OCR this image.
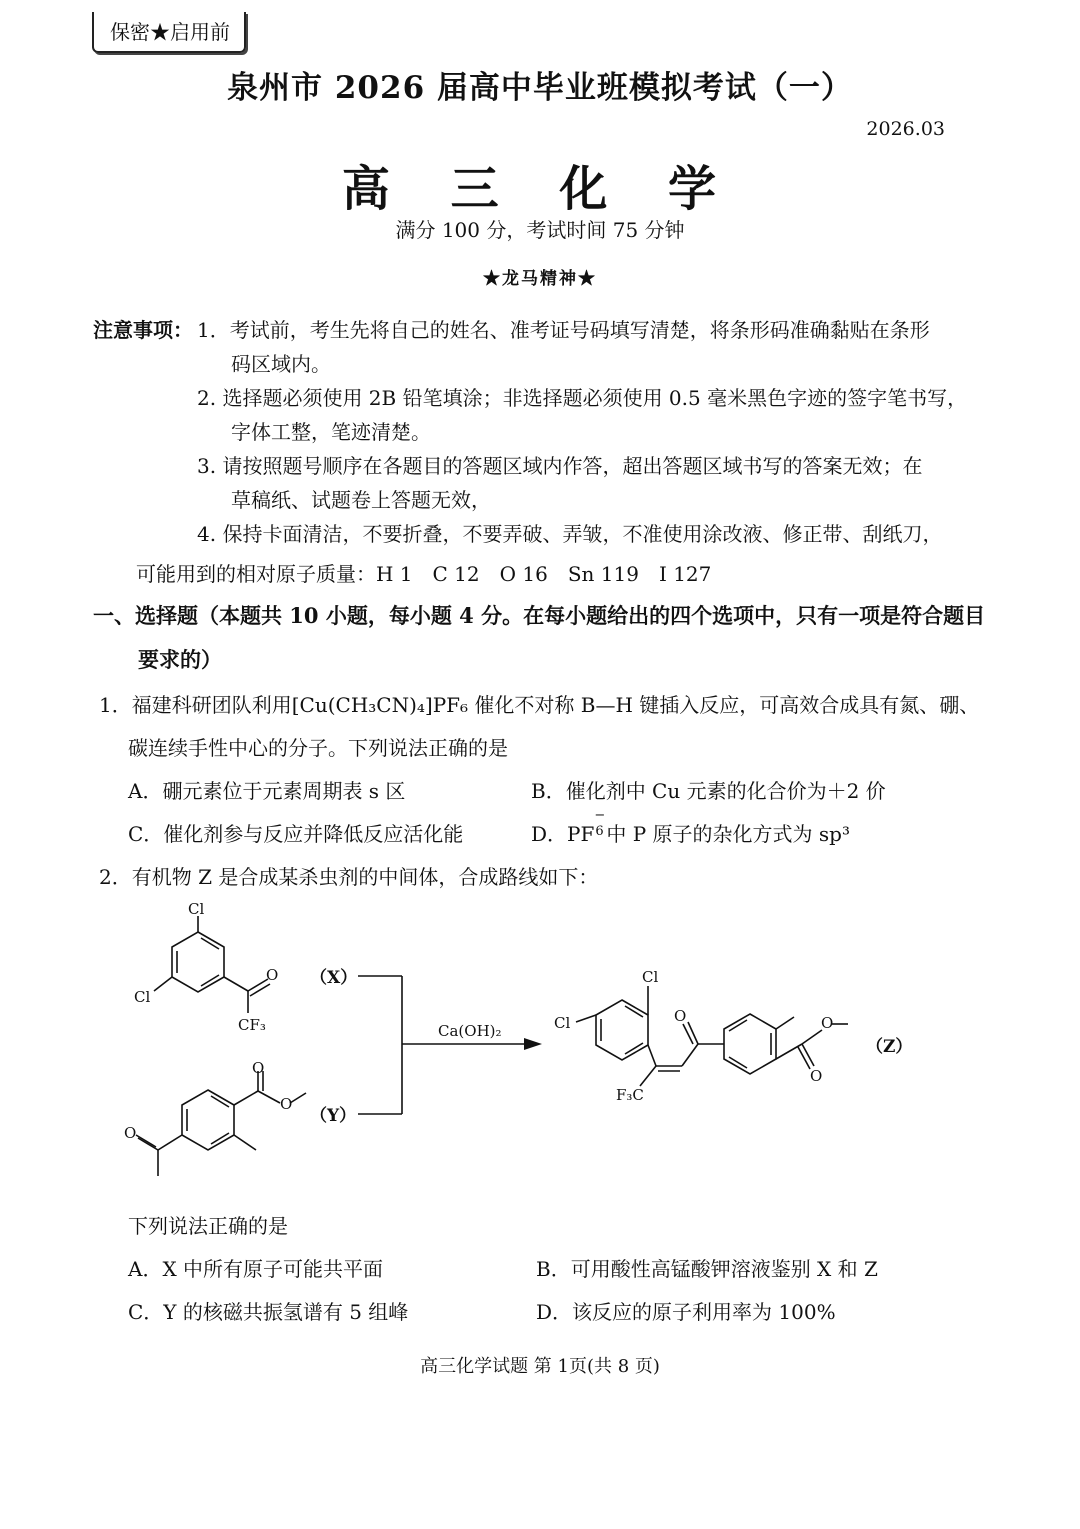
保密★启用前
泉州市 2026 届高中毕业班模拟考试（一）
2026.03
高 三 化 学
满分 100 分，考试时间 75 分钟
★龙马精神★
注意事项： 1．考试前，考生先将自己的姓名、准考证号码填写清楚，将条形码准确黏贴在条形
码区域内。
2. 选择题必须使用 2B 铅笔填涂；非选择题必须使用 0.5 毫米黑色字迹的签字笔书写，
字体工整，笔迹清楚。
3. 请按照题号顺序在各题目的答题区域内作答，超出答题区域书写的答案无效；在
草稿纸、试题卷上答题无效，
4. 保持卡面清洁，不要折叠，不要弄破、弄皱，不准使用涂改液、修正带、刮纸刀，
可能用到的相对原子质量：H 1　C 12　O 16　Sn 119　I 127
一、选择题（本题共 10 小题，每小题 4 分。在每小题给出的四个选项中，只有一项是符合题目
要求的）
1．福建科研团队利用[Cu(CH₃CN)₄]PF₆ 催化不对称 B—H 键插入反应，可高效合成具有氮、硼、
碳连续手性中心的分子。下列说法正确的是
A．硼元素位于元素周期表 s 区	B．催化剂中 Cu 元素的化合价为＋2 价
C．催化剂参与反应并降低反应活化能	D．PF
−
6 中 P 原子的杂化方式为 sp³
2．有机物 Z 是合成某杀虫剂的中间体，合成路线如下：
Cl
Cl
O
CF₃
O
O
O
Cl
Cl
F₃C
O	O
O
（X）
（Y）
（Z）
Ca(OH)₂
下列说法正确的是
A．X 中所有原子可能共平面	B．可用酸性高锰酸钾溶液鉴别 X 和 Z
C．Y 的核磁共振氢谱有 5 组峰	D．该反应的原子利用率为 100%
高三化学试题 第 1页(共 8 页)
